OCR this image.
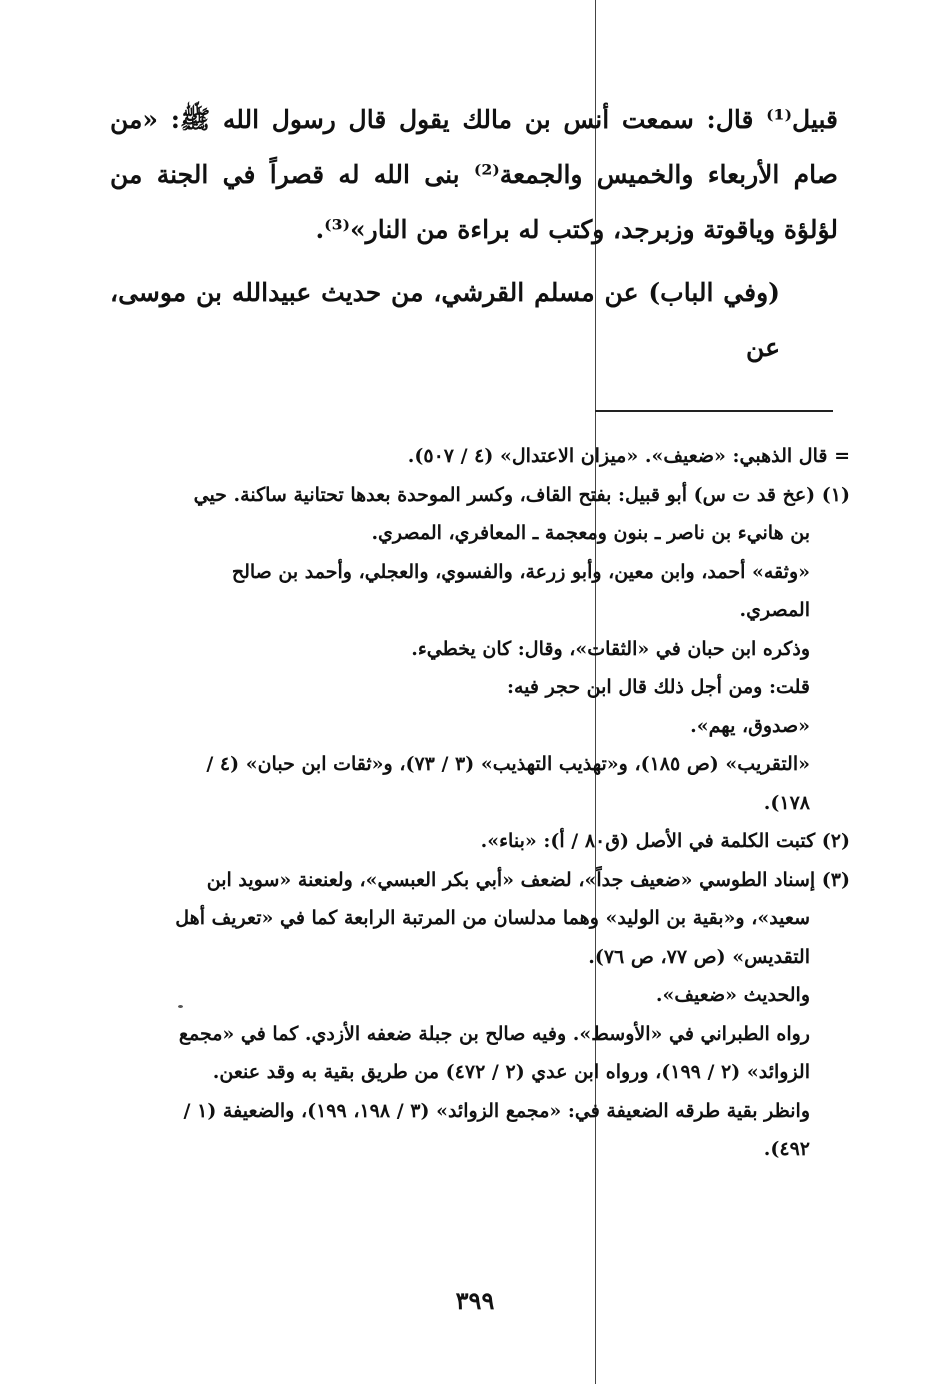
قبيل⁽¹⁾ قال: سمعت أنس بن مالك يقول قال رسول الله ﷺ: «من صام الأربعاء والخميس والجمعة⁽²⁾ بنى الله له قصراً في الجنة من لؤلؤة وياقوتة وزبرجد، وكتب له براءة من النار»⁽³⁾.

(وفي الباب) عن مسلم القرشي، من حديث عبيدالله بن موسى، عن

= قال الذهبي: «ضعيف». «ميزان الاعتدال» (٤ / ٥٠٧).
(١) (عخ قد ت س) أبو قبيل: بفتح القاف، وكسر الموحدة بعدها تحتانية ساكنة. حيي
بن هانيء بن ناصر ـ بنون ومعجمة ـ المعافري، المصري.
«وثقه» أحمد، وابن معين، وأبو زرعة، والفسوي، والعجلي، وأحمد بن صالح
المصري.
وذكره ابن حبان في «الثقات»، وقال: كان يخطيء.
قلت: ومن أجل ذلك قال ابن حجر فيه:
«صدوق، يهم».
«التقريب» (ص ١٨٥)، و«تهذيب التهذيب» (٣ / ٧٣)، و«ثقات ابن حبان» (٤ /
١٧٨).
(٢) كتبت الكلمة في الأصل (ق٨٠ / أ): «بناء».
(٣) إسناد الطوسي «ضعيف جداً»، لضعف «أبي بكر العبسي»، ولعنعنة «سويد ابن
سعيد»، و«بقية بن الوليد» وهما مدلسان من المرتبة الرابعة كما في «تعريف أهل
التقديس» (ص ٧٧، ص ٧٦).
والحديث «ضعيف».
رواه الطبراني في «الأوسط». وفيه صالح بن جبلة ضعفه الأزدي. كما في «مجمع
الزوائد» (٢ / ١٩٩)، ورواه ابن عدي (٢ / ٤٧٢) من طريق بقية به وقد عنعن.
وانظر بقية طرقه الضعيفة في: «مجمع الزوائد» (٣ / ١٩٨، ١٩٩)، والضعيفة (١ /
٤٩٢).
٣٩٩
